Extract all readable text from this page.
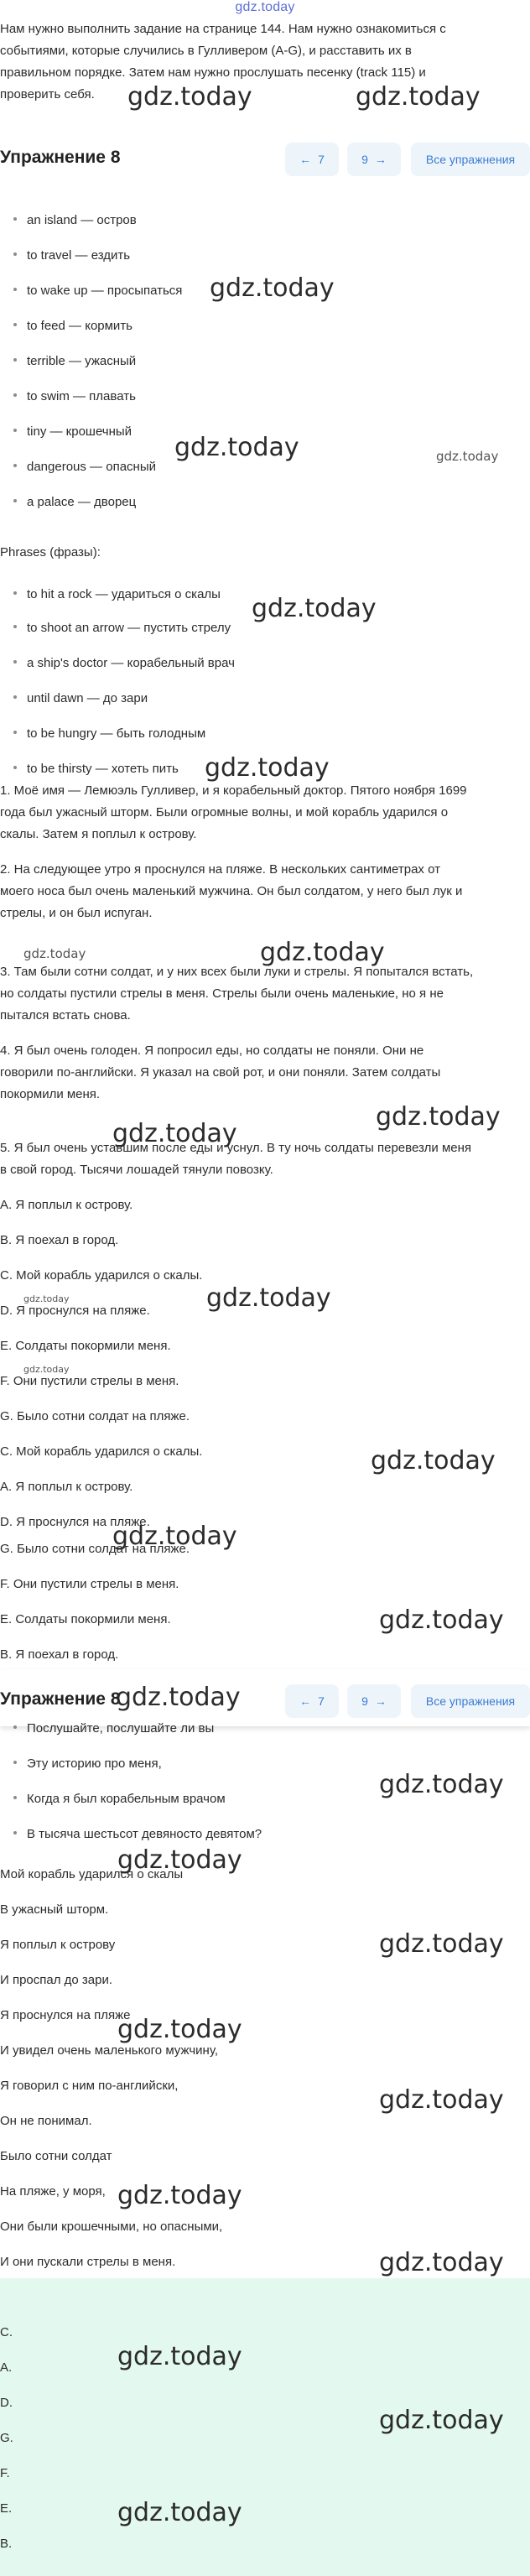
gdz.today
Нам нужно выполнить задание на странице 144. Нам нужно ознакомиться с
событиями, которые случились в Гулливером (A-G), и расставить их в
правильном порядке. Затем нам нужно прослушать песенку (track 115) и
проверить себя.	gdz.today	gdz.today
Упражнение 8	← 7	9 →	Все упражнения
an island — остров
to travel — ездить
to wake up — просыпаться gdz.today
to feed — кормить
terrible — ужасный
to swim — плавать
tiny — крошечный
gdz.today	gdz.today
dangerous — опасный
a palace — дворец
Phrases (фразы):
to hit a rock — удариться о скалы gdz.today
to shoot an arrow — пустить стрелу
a ship's doctor — корабельный врач
until dawn — до зари
to be hungry — быть голодным
to be thirsty — хотеть пить gdz.today
1. Моё имя — Лемюэль Гулливер, и я корабельный доктор. Пятого ноября 1699
года был ужасный шторм. Были огромные волны, и мой корабль ударился о
скалы. Затем я поплыл к острову.
2. На следующее утро я проснулся на пляже. В нескольких сантиметрах от
моего носа был очень маленький мужчина. Он был солдатом, у него был лук и
стрелы, и он был испуган.
gdz.today	gdz.today
3. Там были сотни солдат, и у них всех были луки и стрелы. Я попытался встать,
но солдаты пустили стрелы в меня. Стрелы были очень маленькие, но я не
пытался встать снова.
4. Я был очень голоден. Я попросил еды, но солдаты не поняли. Они не
говорили по-английски. Я указал на свой рот, и они поняли. Затем солдаты
покормили меня.
gdz.today
gdz.today
5. Я был очень уставшим после еды и уснул. В ту ночь солдаты перевезли меня
в свой город. Тысячи лошадей тянули повозку.
A. Я поплыл к острову.
B. Я поехал в город.
C. Мой корабль ударился о скалы.
gdz.today
gdz.today
D. Я проснулся на пляже.
E. Солдаты покормили меня.
gdz.today
F. Они пустили стрелы в меня.
G. Было сотни солдат на пляже.
C. Мой корабль ударился о скалы.	gdz.today
A. Я поплыл к острову.
D. Я проснулся на пляже.
gdz.today
G. Было сотни солдат на пляже.
F. Они пустили стрелы в меня.
gdz.today
E. Солдаты покормили меня.
B. Я поехал в город.
Упражнение 8	← 7	9 →	Все упражнения
gdz.today
Послушайте, послушайте ли вы
Эту историю про меня,
Когда я был корабельным врачом	gdz.today
В тысяча шестьсот девяносто девятом?
gdz.today
Мой корабль ударился о скалы
В ужасный шторм.
gdz.today
Я поплыл к острову
И проспал до зари.
Я проснулся на пляже
gdz.today
И увидел очень маленького мужчину,
Я говорил с ним по-английски,	gdz.today
Он не понимал.
Было сотни солдат
gdz.today
На пляже, у моря,
Они были крошечными, но опасными,
gdz.today
И они пускали стрелы в меня.
C.
A.	gdz.today
D.
gdz.today
G.
F.
E.	gdz.today
B.
